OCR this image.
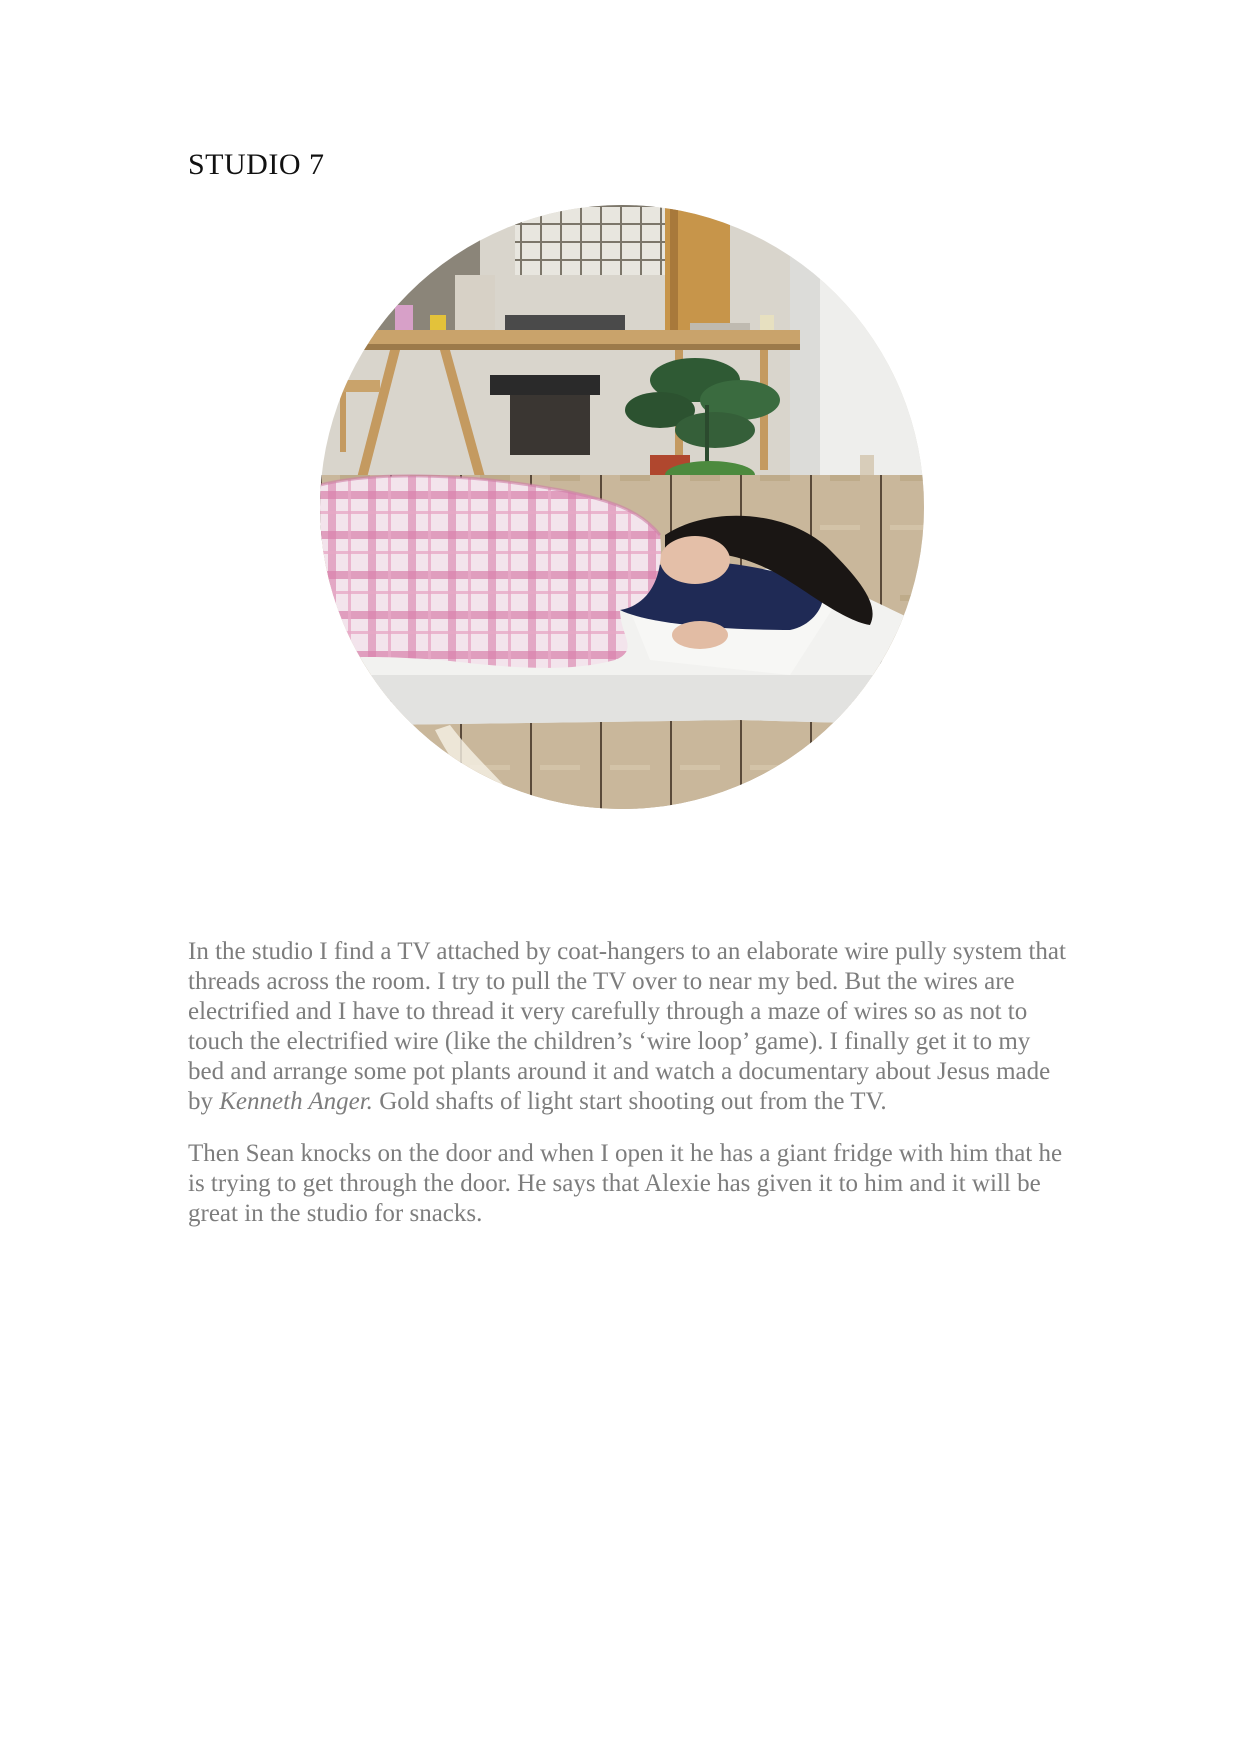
STUDIO 7

In the studio I find a TV attached by coat-hangers to an elaborate wire pully system that threads across the room. I try to pull the TV over to near my bed. But the wires are electrified and I have to thread it very carefully through a maze of wires so as not to touch the electrified wire (like the children’s ‘wire loop’ game). I finally get it to my bed and arrange some pot plants around it and watch a documentary about Jesus made by Kenneth Anger. Gold shafts of light start shooting out from the TV.

Then Sean knocks on the door and when I open it he has a giant fridge with him that he is trying to get through the door. He says that Alexie has given it to him and it will be great in the studio for snacks.
